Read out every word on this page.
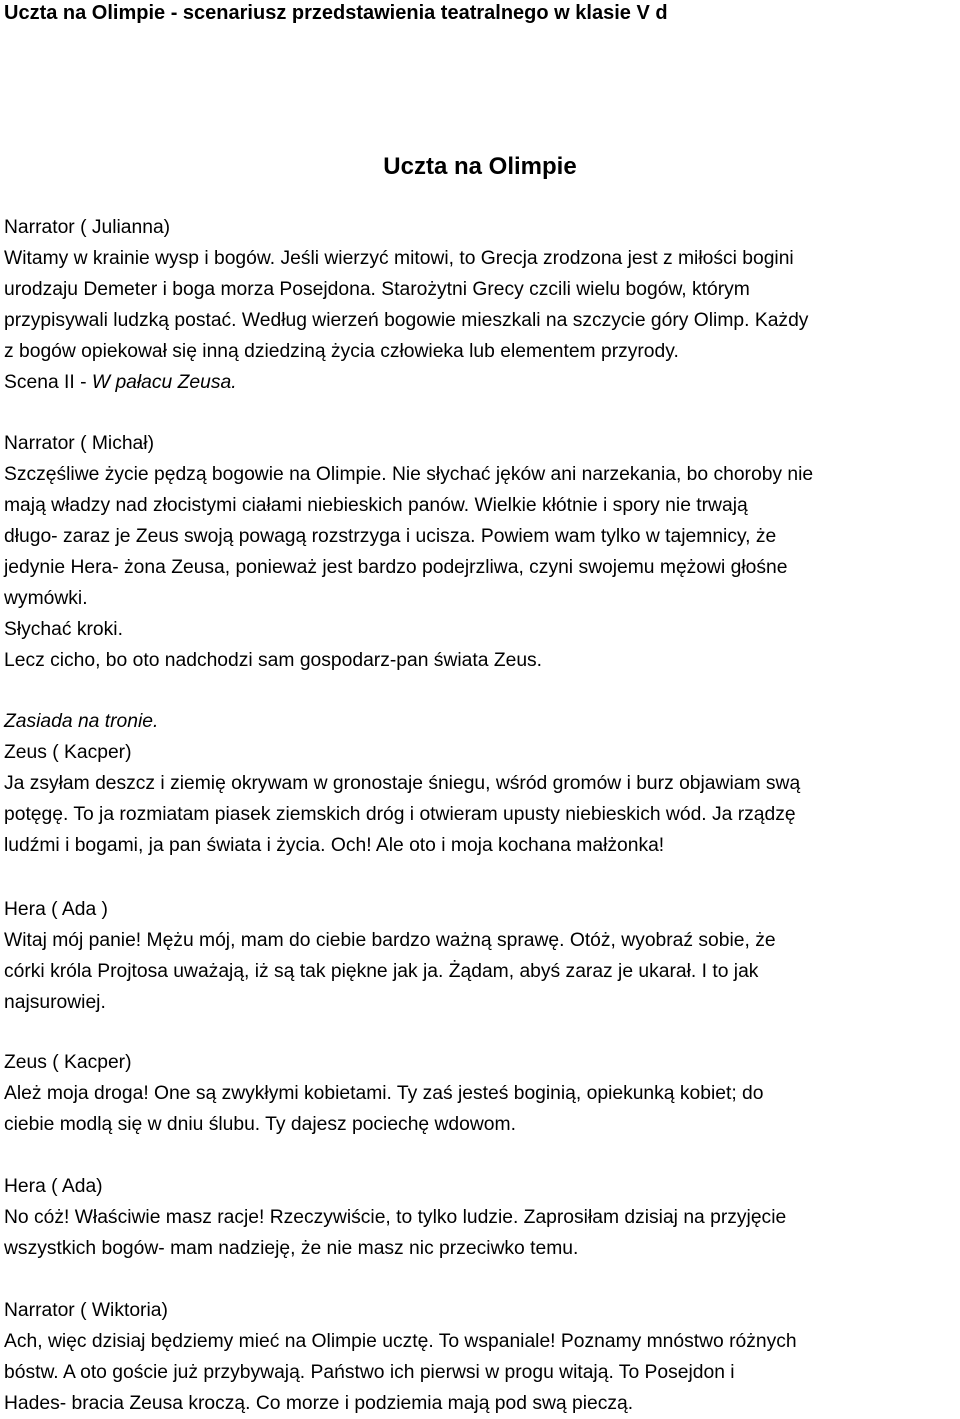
Uczta na Olimpie - scenariusz przedstawienia teatralnego w klasie V d
Uczta na Olimpie
Narrator ( Julianna)
Witamy w krainie wysp i bogów. Jeśli wierzyć mitowi, to Grecja zrodzona jest z miłości bogini
urodzaju Demeter i boga morza Posejdona. Starożytni Grecy czcili wielu bogów, którym
przypisywali ludzką postać. Według wierzeń bogowie mieszkali na szczycie góry Olimp. Każdy
z bogów opiekował się inną dziedziną życia człowieka lub elementem przyrody.
Scena II - W pałacu Zeusa.
Narrator ( Michał)
Szczęśliwe życie pędzą bogowie na Olimpie. Nie słychać jęków ani narzekania, bo choroby nie
mają władzy nad złocistymi ciałami niebieskich panów. Wielkie kłótnie i spory nie trwają
długo- zaraz je Zeus swoją powagą rozstrzyga i ucisza. Powiem wam tylko w tajemnicy, że
jedynie Hera- żona Zeusa, ponieważ jest bardzo podejrzliwa, czyni swojemu mężowi głośne
wymówki.
Słychać kroki.
Lecz cicho, bo oto nadchodzi sam gospodarz-pan świata Zeus.
Zasiada na tronie.
Zeus ( Kacper)
Ja zsyłam deszcz i ziemię okrywam w gronostaje śniegu, wśród gromów i burz objawiam swą
potęgę. To ja rozmiatam piasek ziemskich dróg i otwieram upusty niebieskich wód. Ja rządzę
ludźmi i bogami, ja pan świata i życia. Och! Ale oto i moja kochana małżonka!
Hera ( Ada )
Witaj mój panie! Mężu mój, mam do ciebie bardzo ważną sprawę. Otóż, wyobraź sobie, że
córki króla Projtosa uważają, iż są tak piękne jak ja. Żądam, abyś zaraz je ukarał. I to jak
najsurowiej.
Zeus ( Kacper)
Ależ moja droga! One są zwykłymi kobietami. Ty zaś jesteś boginią, opiekunką kobiet; do
ciebie modlą się w dniu ślubu. Ty dajesz pociechę wdowom.
Hera ( Ada)
No cóż! Właściwie masz racje! Rzeczywiście, to tylko ludzie. Zaprosiłam dzisiaj na przyjęcie
wszystkich bogów- mam nadzieję, że nie masz nic przeciwko temu.
Narrator ( Wiktoria)
Ach, więc dzisiaj będziemy mieć na Olimpie ucztę. To wspaniale! Poznamy mnóstwo różnych
bóstw. A oto goście już przybywają. Państwo ich pierwsi w progu witają. To Posejdon i
Hades- bracia Zeusa kroczą. Co morze i podziemia mają pod swą pieczą.
